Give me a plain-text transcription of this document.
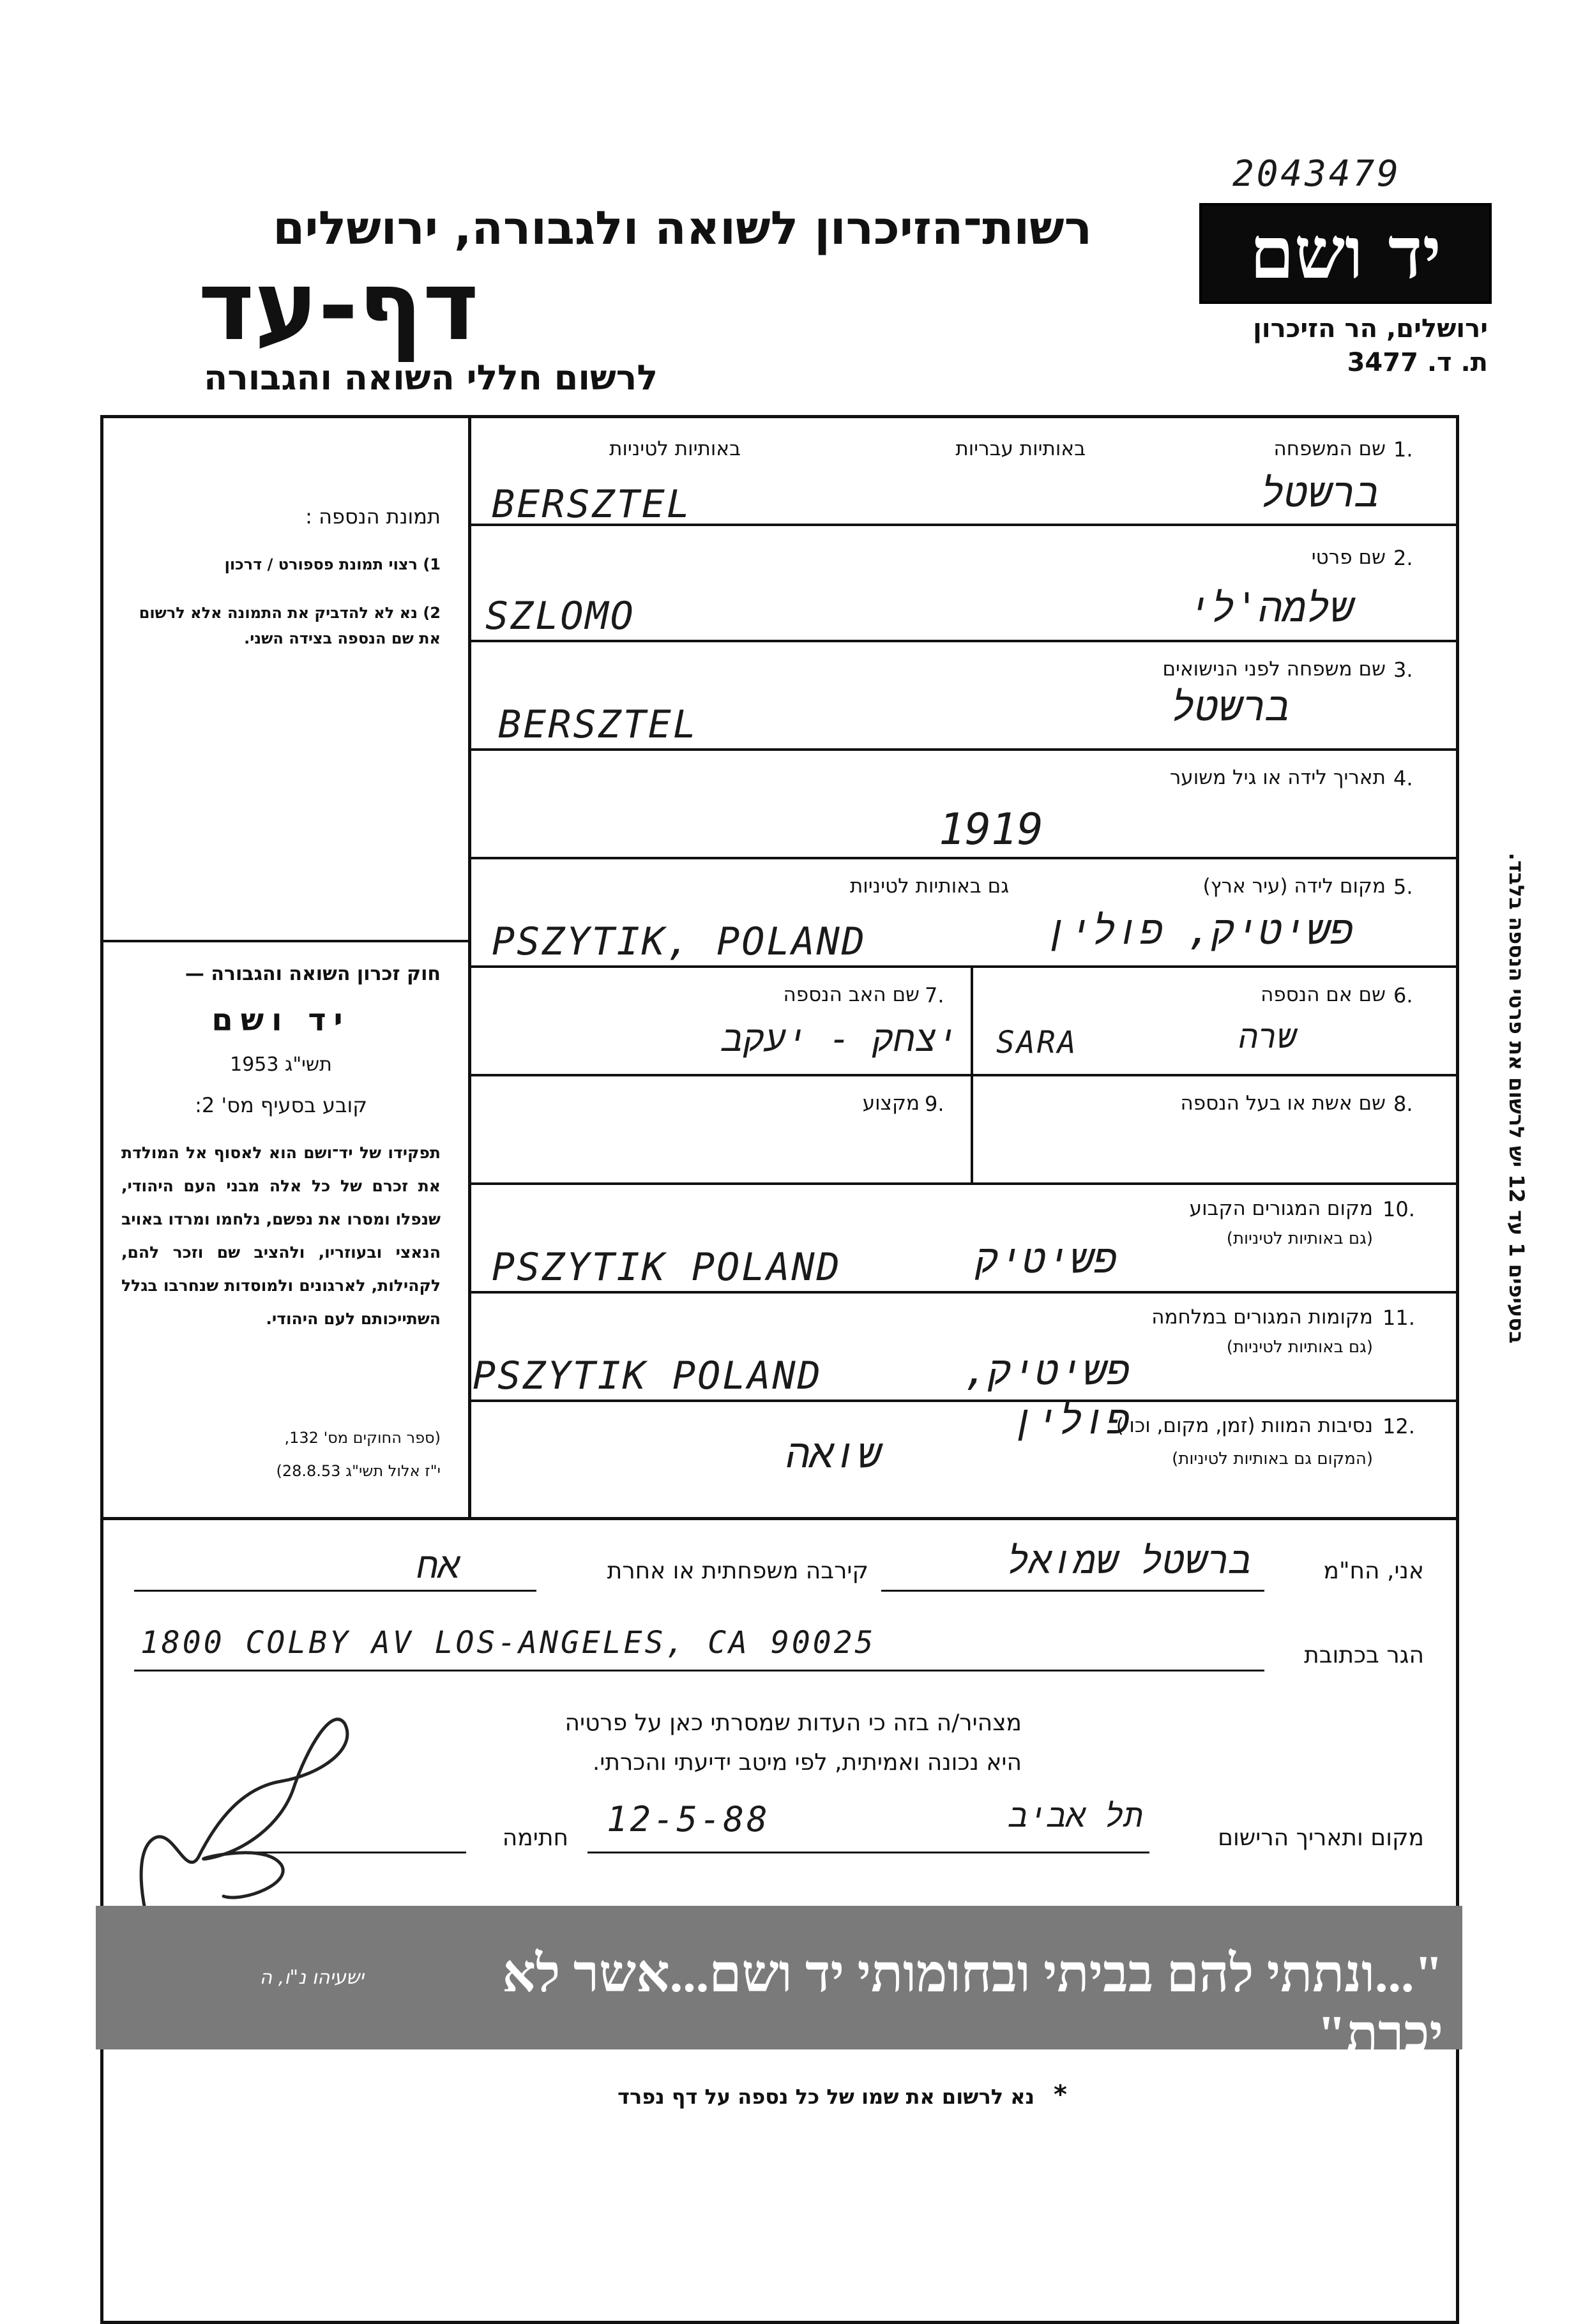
2043479
רשות־הזיכרון לשואה ולגבורה, ירושלים
דף-עד
לרשום חללי השואה והגבורה
יד ושם
ירושלים, הר הזיכרון
ת. ד. 3477
תמונת הנספה :
1) רצוי תמונת פספורט / דרכון
2) נא לא להדביק את התמונה אלא לרשום את שם הנספה בצידה השני.
חוק זכרון השואה והגבורה —
יד ושם
תשי"ג 1953
קובע בסעיף מס' 2:
תפקידו של יד־ושם הוא לאסוף אל המולדת את זכרם של כל אלה מבני העם היהודי, שנפלו ומסרו את נפשם, נלחמו ומרדו באויב הנאצי ובעוזריו, ולהציב שם וזכר להם, לקהילות, לארגונים ולמוסדות שנחרבו בגלל השתייכותם לעם היהודי.
(ספר החוקים מס' 132,
י"ז אלול תשי"ג 28.8.53)
בסעיפים 1 עד 12 יש לרשום את פרטי הנספה בלבד.
1.
שם המשפחה
באותיות עבריות
באותיות לטיניות
BERSZTEL	ברשטל
2.
שם פרטי
SZLOMO	שלמה'לי
3.
שם משפחה לפני הנישואים
BERSZTEL	ברשטל
4.
תאריך לידה או גיל משוער
1919
5.
מקום לידה (עיר ארץ)
גם באותיות לטיניות
PSZYTIK, POLAND	פשיטיק, פולין
6.
שם אם הנספה
SARA	שרה
7.
שם האב הנספה
יצחק - יעקב
8.
שם אשת או בעל הנספה
9.
מקצוע
10.
מקום המגורים הקבוע
(גם באותיות לטיניות)
PSZYTIK POLAND	פשיטיק
11.
מקומות המגורים במלחמה
(גם באותיות לטיניות)
PSZYTIK POLAND	פשיטיק, פולין	12.
נסיבות המוות (זמן, מקום, וכו')
(המקום גם באותיות לטיניות)
שואה
אני, הח"מ
ברשטל שמואל
קירבה משפחתית או אחרת
אח
הגר בכתובת
1800 COLBY AV LOS-ANGELES, CA 90025
מצהיר/ה בזה כי העדות שמסרתי כאן על פרטיה
היא נכונה ואמיתית, לפי מיטב ידיעתי והכרתי.
מקום ותאריך הרישום
תל אביב
12-5-88
חתימה
"...ונתתי להם בביתי ובחומותי יד ושם...אשר לא יכרת"
ישעיהו נ"ו, ה
נא לרשום את שמו של כל נספה על דף נפרד *
